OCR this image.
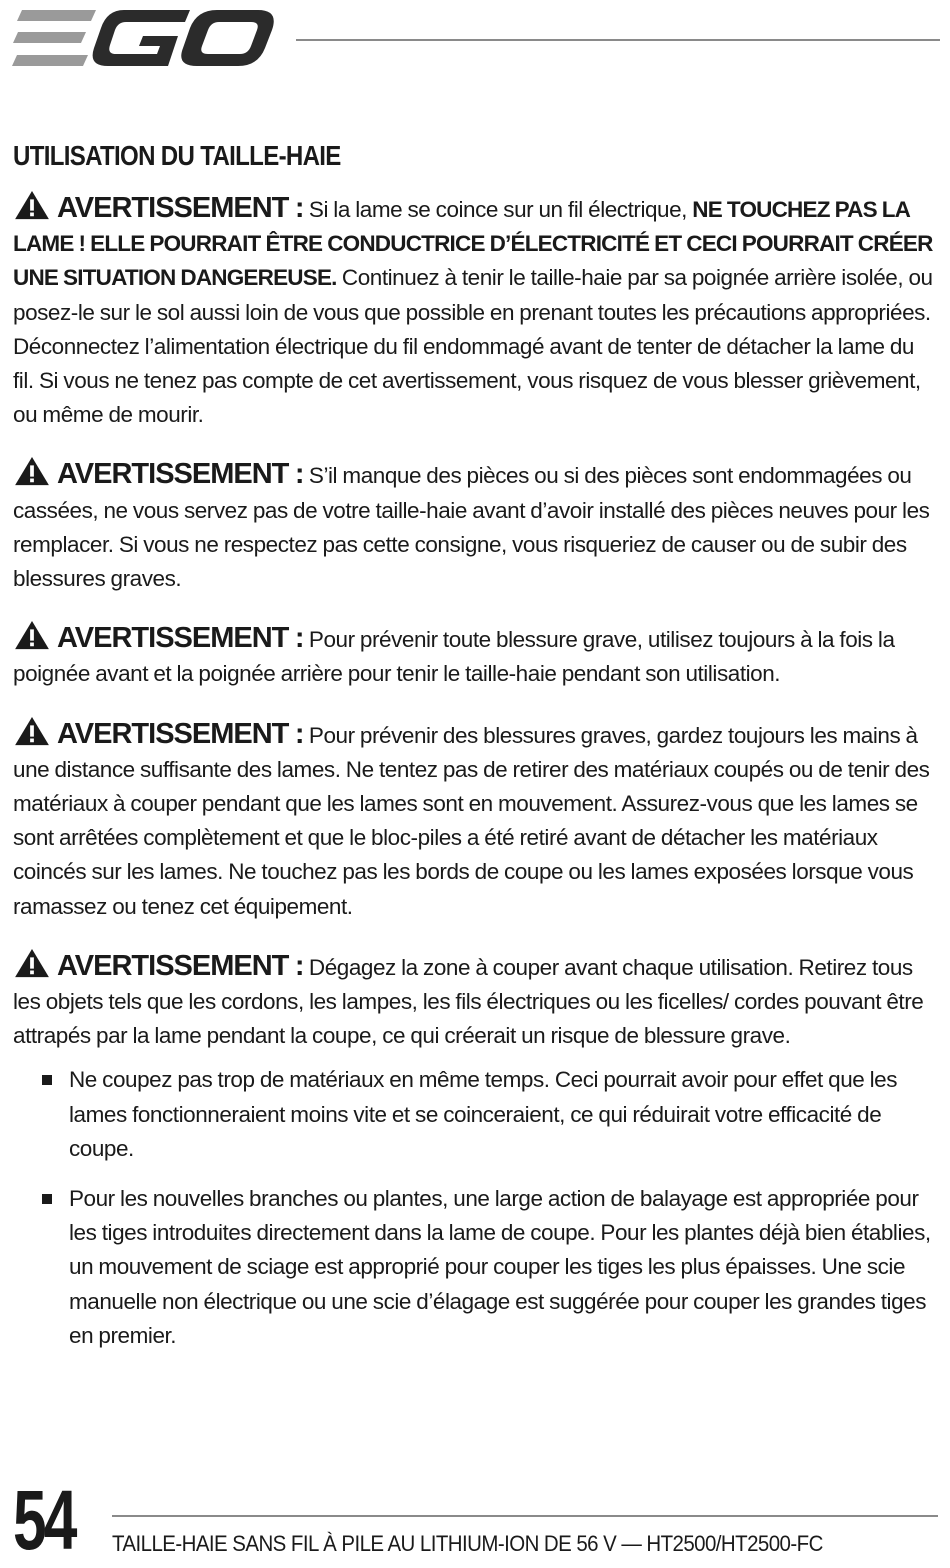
UTILISATION DU TAILLE-HAIE

AVERTISSEMENT : Si la lame se coince sur un fil électrique, NE TOUCHEZ PAS LA LAME ! ELLE POURRAIT ÊTRE CONDUCTRICE D’ÉLECTRICITÉ ET CECI POURRAIT CRÉER UNE SITUATION DANGEREUSE. Continuez à tenir le taille-haie par sa poignée arrière isolée, ou posez-le sur le sol aussi loin de vous que possible en prenant toutes les précautions appropriées. Déconnectez l’alimentation électrique du fil endommagé avant de tenter de détacher la lame du fil. Si vous ne tenez pas compte de cet avertissement, vous risquez de vous blesser grièvement, ou même de mourir.

AVERTISSEMENT : S’il manque des pièces ou si des pièces sont endommagées ou cassées, ne vous servez pas de votre taille-haie avant d’avoir installé des pièces neuves pour les remplacer. Si vous ne respectez pas cette consigne, vous risqueriez de causer ou de subir des blessures graves.

AVERTISSEMENT : Pour prévenir toute blessure grave, utilisez toujours à la fois la poignée avant et la poignée arrière pour tenir le taille-haie pendant son utilisation.

AVERTISSEMENT : Pour prévenir des blessures graves, gardez toujours les mains à une distance suffisante des lames. Ne tentez pas de retirer des matériaux coupés ou de tenir des matériaux à couper pendant que les lames sont en mouvement. Assurez-vous que les lames se sont arrêtées complètement et que le bloc-piles a été retiré avant de détacher les matériaux coincés sur les lames. Ne touchez pas les bords de coupe ou les lames exposées lorsque vous ramassez ou tenez cet équipement.

AVERTISSEMENT : Dégagez la zone à couper avant chaque utilisation. Retirez tous les objets tels que les cordons, les lampes, les fils électriques ou les ficelles/ cordes pouvant être attrapés par la lame pendant la coupe, ce qui créerait un risque de blessure grave.

Ne coupez pas trop de matériaux en même temps. Ceci pourrait avoir pour effet que les lames fonctionneraient moins vite et se coinceraient, ce qui réduirait votre efficacité de coupe.
Pour les nouvelles branches ou plantes, une large action de balayage est appropriée pour les tiges introduites directement dans la lame de coupe. Pour les plantes déjà bien établies, un mouvement de sciage est approprié pour couper les tiges les plus épaisses. Une scie manuelle non électrique ou une scie d’élagage est suggérée pour couper les grandes tiges en premier.
54 TAILLE-HAIE SANS FIL À PILE AU LITHIUM-ION DE 56 V — HT2500/HT2500-FC
